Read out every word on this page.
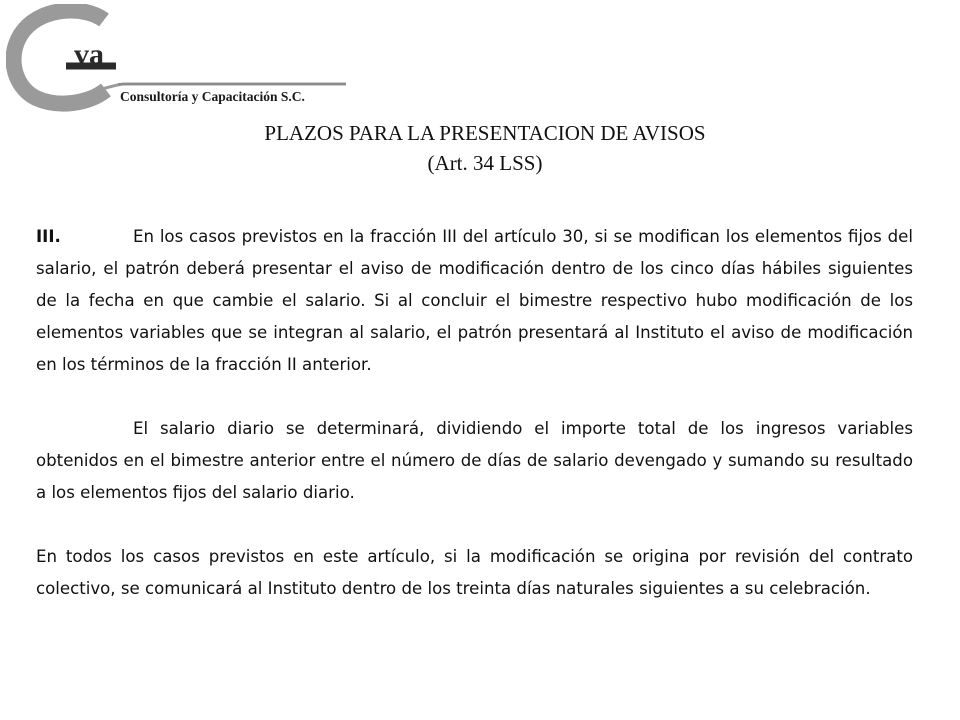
va
Consultoría y Capacitación S.C.
PLAZOS PARA LA PRESENTACION DE AVISOS
(Art. 34 LSS)

III.	En los casos previstos en la fracción III del artículo 30, si se modifican los elementos fijos del salario, el patrón deberá presentar el aviso de modificación dentro de los cinco días hábiles siguientes de la fecha en que cambie el salario. Si al concluir el bimestre respectivo hubo modificación de los elementos variables que se integran al salario, el patrón presentará al Instituto el aviso de modificación en los términos de la fracción II anterior.

El salario diario se determinará, dividiendo el importe total de los ingresos variables obtenidos en el bimestre anterior entre el número de días de salario devengado y sumando su resultado a los elementos fijos del salario diario.

En todos los casos previstos en este artículo, si la modificación se origina por revisión del contrato colectivo, se comunicará al Instituto dentro de los treinta días naturales siguientes a su celebración.
